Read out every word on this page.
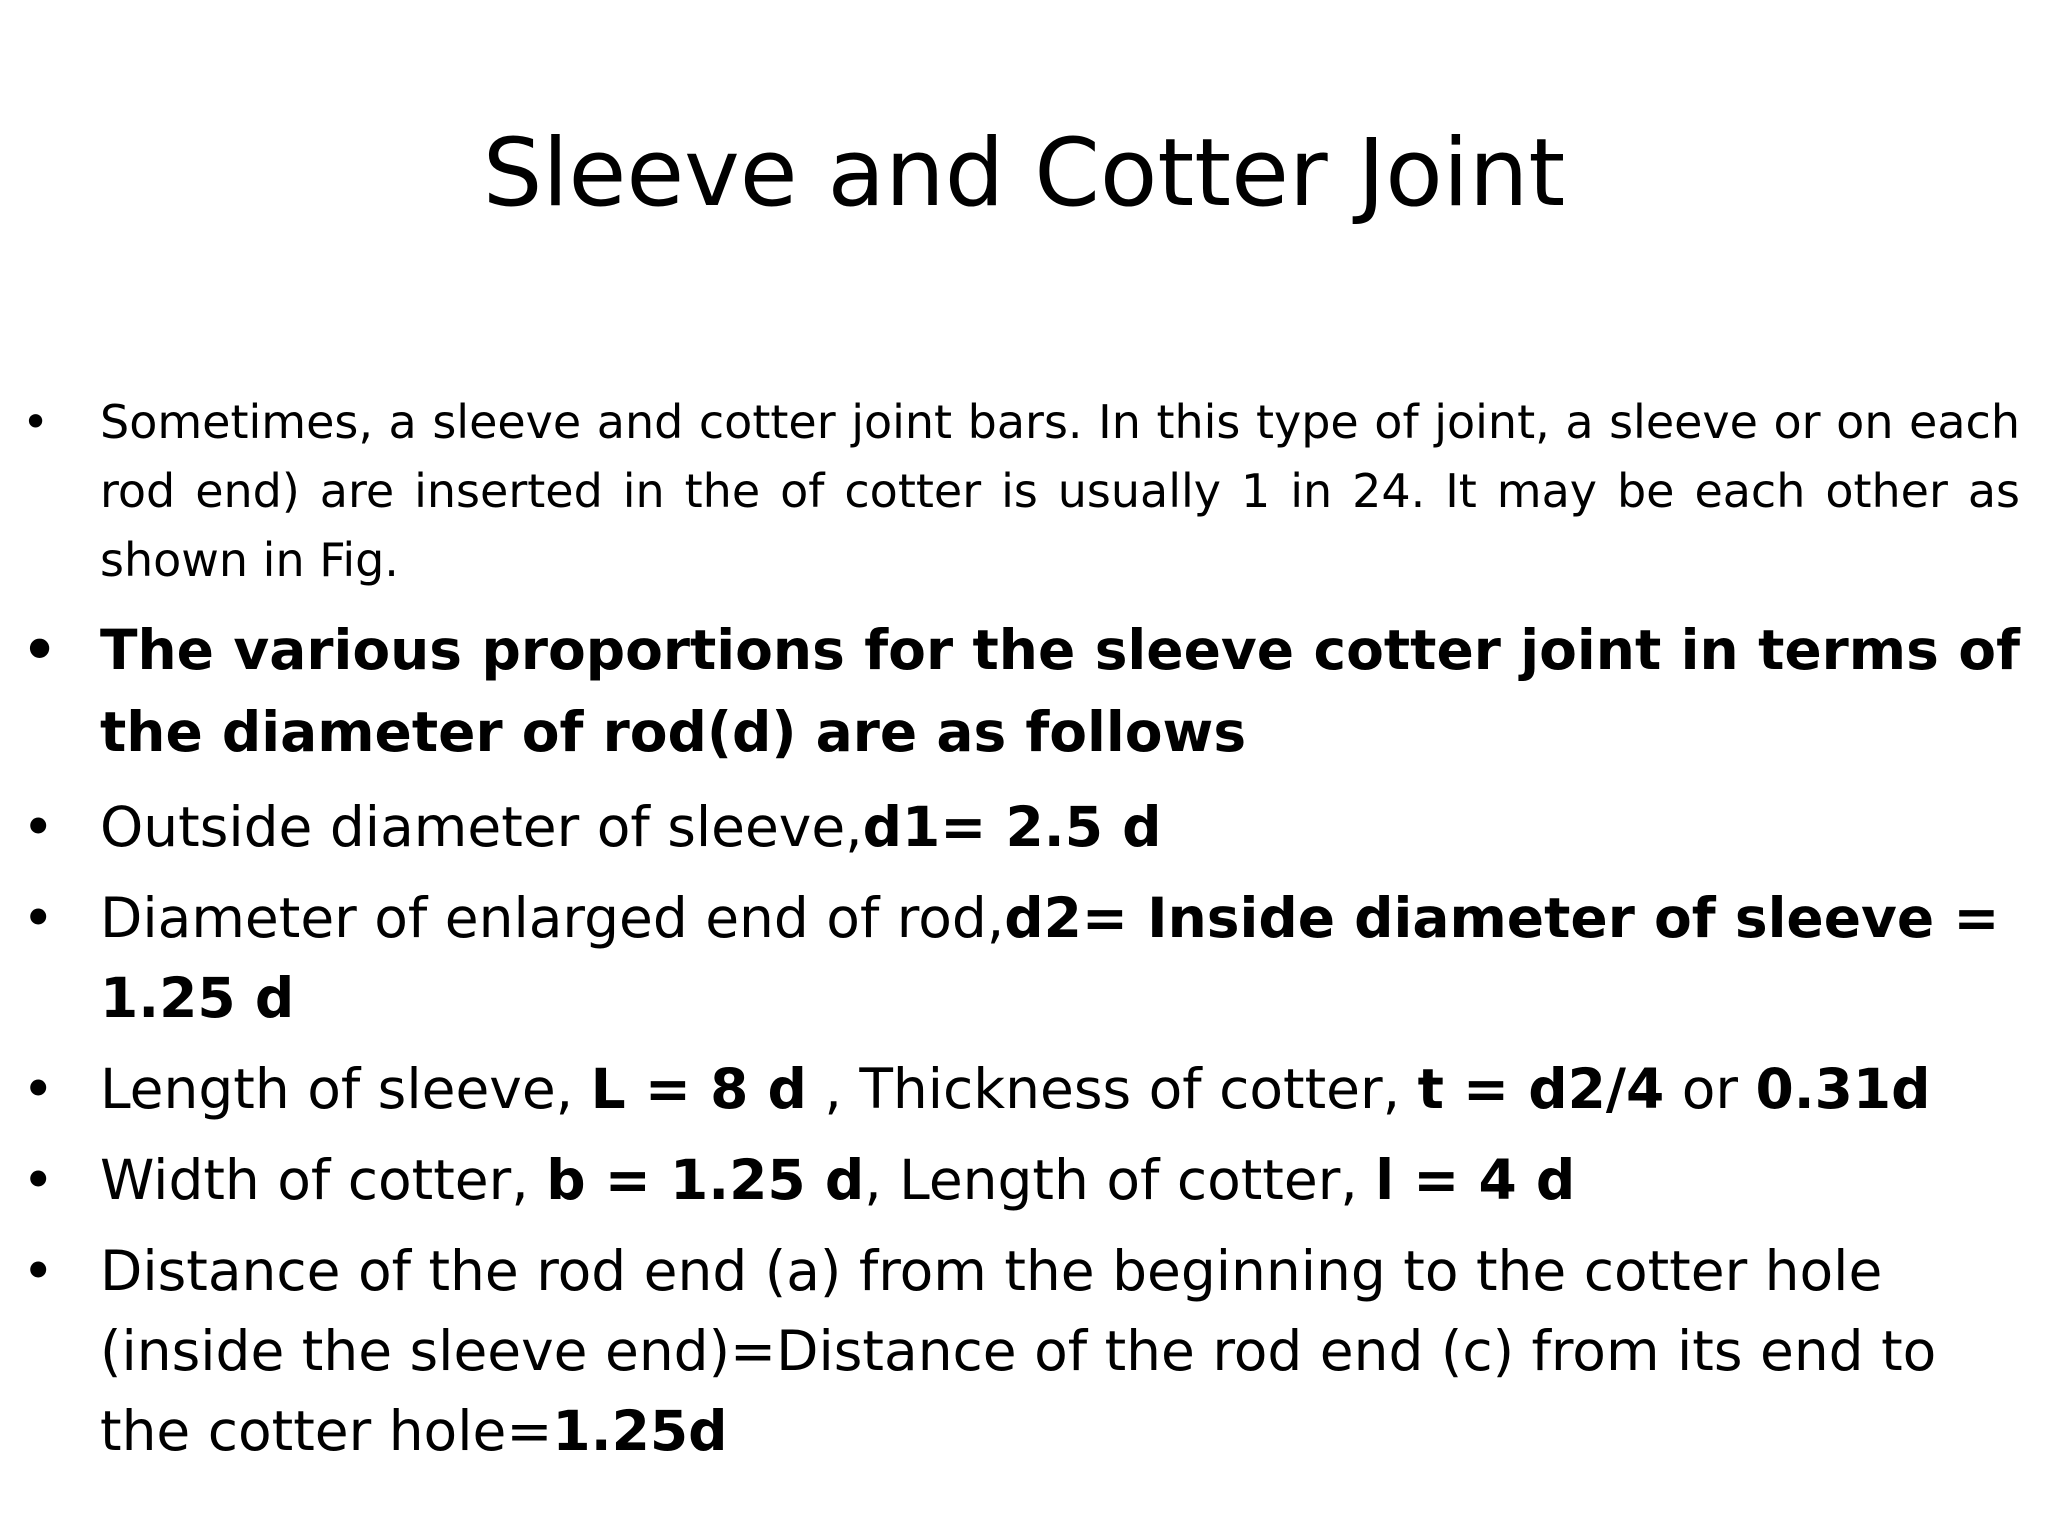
Sleeve and Cotter Joint
• Sometimes, a sleeve and cotter joint bars. In this type of joint, a sleeve or on each rod end) are inserted in the of cotter is usually 1 in 24. It may be each other as shown in Fig.
• The various proportions for the sleeve cotter joint in terms of the diameter of rod(d) are as follows
• Outside diameter of sleeve,d1= 2.5 d
• Diameter of enlarged end of rod,d2= Inside diameter of sleeve = 1.25 d
• Length of sleeve, L = 8 d , Thickness of cotter, t = d2/4 or 0.31d
• Width of cotter, b = 1.25 d, Length of cotter, l = 4 d
• Distance of the rod end (a) from the beginning to the cotter hole (inside the sleeve end)=Distance of the rod end (c) from its end to the cotter hole=1.25d
